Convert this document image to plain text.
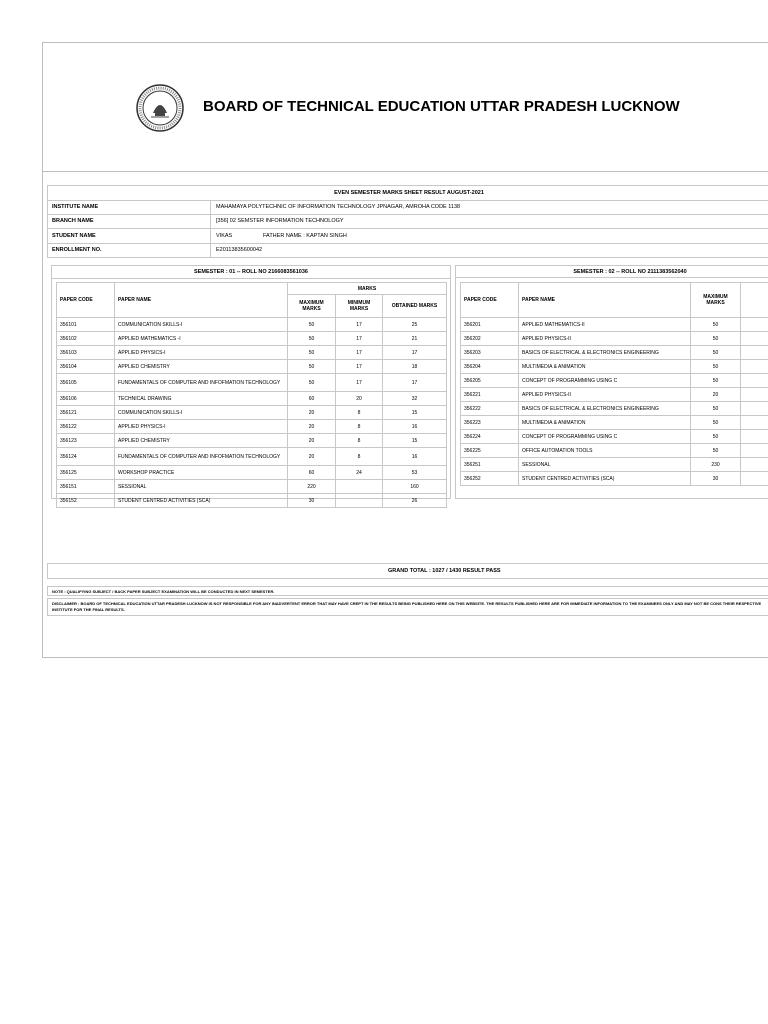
BOARD OF TECHNICAL EDUCATION UTTAR PRADESH LUCKNOW
EVEN SEMESTER MARKS SHEET RESULT AUGUST-2021
INSTITUTE NAME	MAHAMAYA POLYTECHNIC OF INFORMATION TECHNOLOGY JPNAGAR, AMROHA CODE 1138
BRANCH NAME	[356] 02 SEMSTER INFORMATION TECHNOLOGY
STUDENT NAME	VIKAS	FATHER NAME : KAPTAN SINGH
ENROLLMENT NO.	E20113835600042
SEMESTER : 01 -- ROLL NO 2166083561036
PAPER CODE	PAPER NAME	MARKS		
		MAXIMUM MARKS	MINIMUM MARKS	OBTAINED MARKS
356101	COMMUNICATION SKILLS-I	50	17	25
356102	APPLIED MATHEMATICS -I	50	17	21
356103	APPLIED PHYSICS-I	50	17	17
356104	APPLIED CHEMISTRY	50	17	18
356105	FUNDAMENTALS OF COMPUTER AND INFOFMATION TECHNOLOGY	50	17	17
356106	TECHNICAL DRAWING	60	20	32
356121	COMMUNICATION SKILLS-I	20	8	15
356122	APPLIED PHYSICS-I	20	8	16
356123	APPLIED CHEMISTRY	20	8	15
356124	FUNDAMENTALS OF COMPUTER AND INFOFMATION TECHNOLOGY	20	8	16
356125	WORKSHOP PRACTICE	60	24	53
356151	SESSIONAL	220		160
356152	STUDENT CENTRED ACTIVITIES (SCA)	30		26
SEMESTER : 02 -- ROLL NO 2111383562040
PAPER CODE	PAPER NAME	MAXIMUM MARKS	
356201	APPLIED MATHEMATICS-II	50	
356202	APPLIED PHYSICS-II	50	
356203	BASICS OF ELECTRICAL & ELECTRONICS ENGINEERING	50	
356204	MULTIMEDIA & ANIMATION	50	
356205	CONCEPT OF PROGRAMMING USING C	50	
356221	APPLIED PHYSICS-II	20	
356222	BASICS OF ELECTRICAL & ELECTRONICS ENGINEERING	50	
356223	MULTIMEDIA & ANIMATION	50	
356224	CONCEPT OF PROGRAMMING USING C	50	
356225	OFFICE AUTOMATION TOOLS	50	
356251	SESSIONAL	230	
356252	STUDENT CENTRED ACTIVITIES (SCA)	30	
GRAND TOTAL : 1027 / 1430 RESULT PASS
NOTE : QUALIFYING SUBJECT / BACK PAPER SUBJECT EXAMINATION WILL BE CONDUCTED IN NEXT SEMESTER.
DISCLAIMER : BOARD OF TECHNICAL EDUCATION UTTAR PRADESH LUCKNOW IS NOT RESPONSIBLE FOR ANY INADVERTENT ERROR THAT MAY HAVE CREPT IN THE RESULTS BEING PUBLISHED HERE ON THIS WEBSITE. THE RESULTS PUBLISHED HERE ARE FOR IMMEDIATE INFORMATION TO THE EXAMINEES ONLY AND MAY NOT BE CONS THEIR RESPECTIVE INSTITUTE FOR THE FINAL RESULTS.
